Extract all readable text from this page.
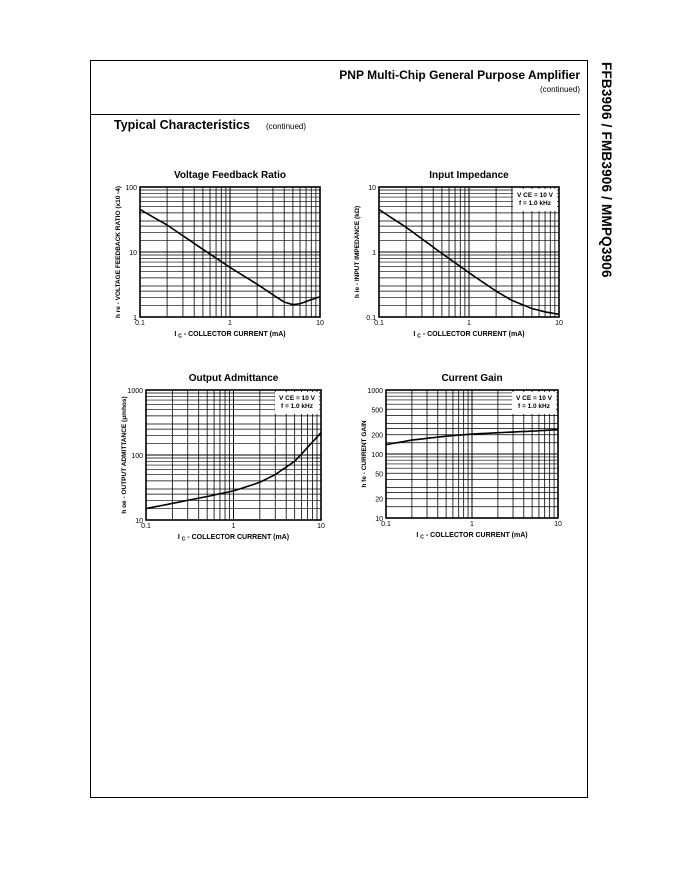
PNP Multi-Chip General Purpose Amplifier
(continued)
Typical Characteristics (continued)	FFB3906 / FMB3906 / MMPQ3906
Voltage Feedback Ratio
0.1	1	10
1
10
100
I $_C$ - COLLECTOR CURRENT (mA)
h re - VOLTAGE FEEDBACK RATIO (x10 -4)
Input Impedance
0.1	1	10
0.1
1
10
I $_C$ - COLLECTOR CURRENT (mA)
h ie - INPUT IMPEDANCE (kΩ)
V CE = 10 V
f = 1.0 kHz
Output Admittance
0.1	1	10
10
100
1000
I $_C$ - COLLECTOR CURRENT (mA)
h oe - OUTPUT ADMITTANCE (μmhos)	V CE = 10 V
f = 1.0 kHz
Current Gain
0.1	1	10
10
20
50
100
200
500
1000
I $_C$ - COLLECTOR CURRENT (mA)
h fe - CURRENT GAIN
V CE = 10 V
f = 1.0 kHz
